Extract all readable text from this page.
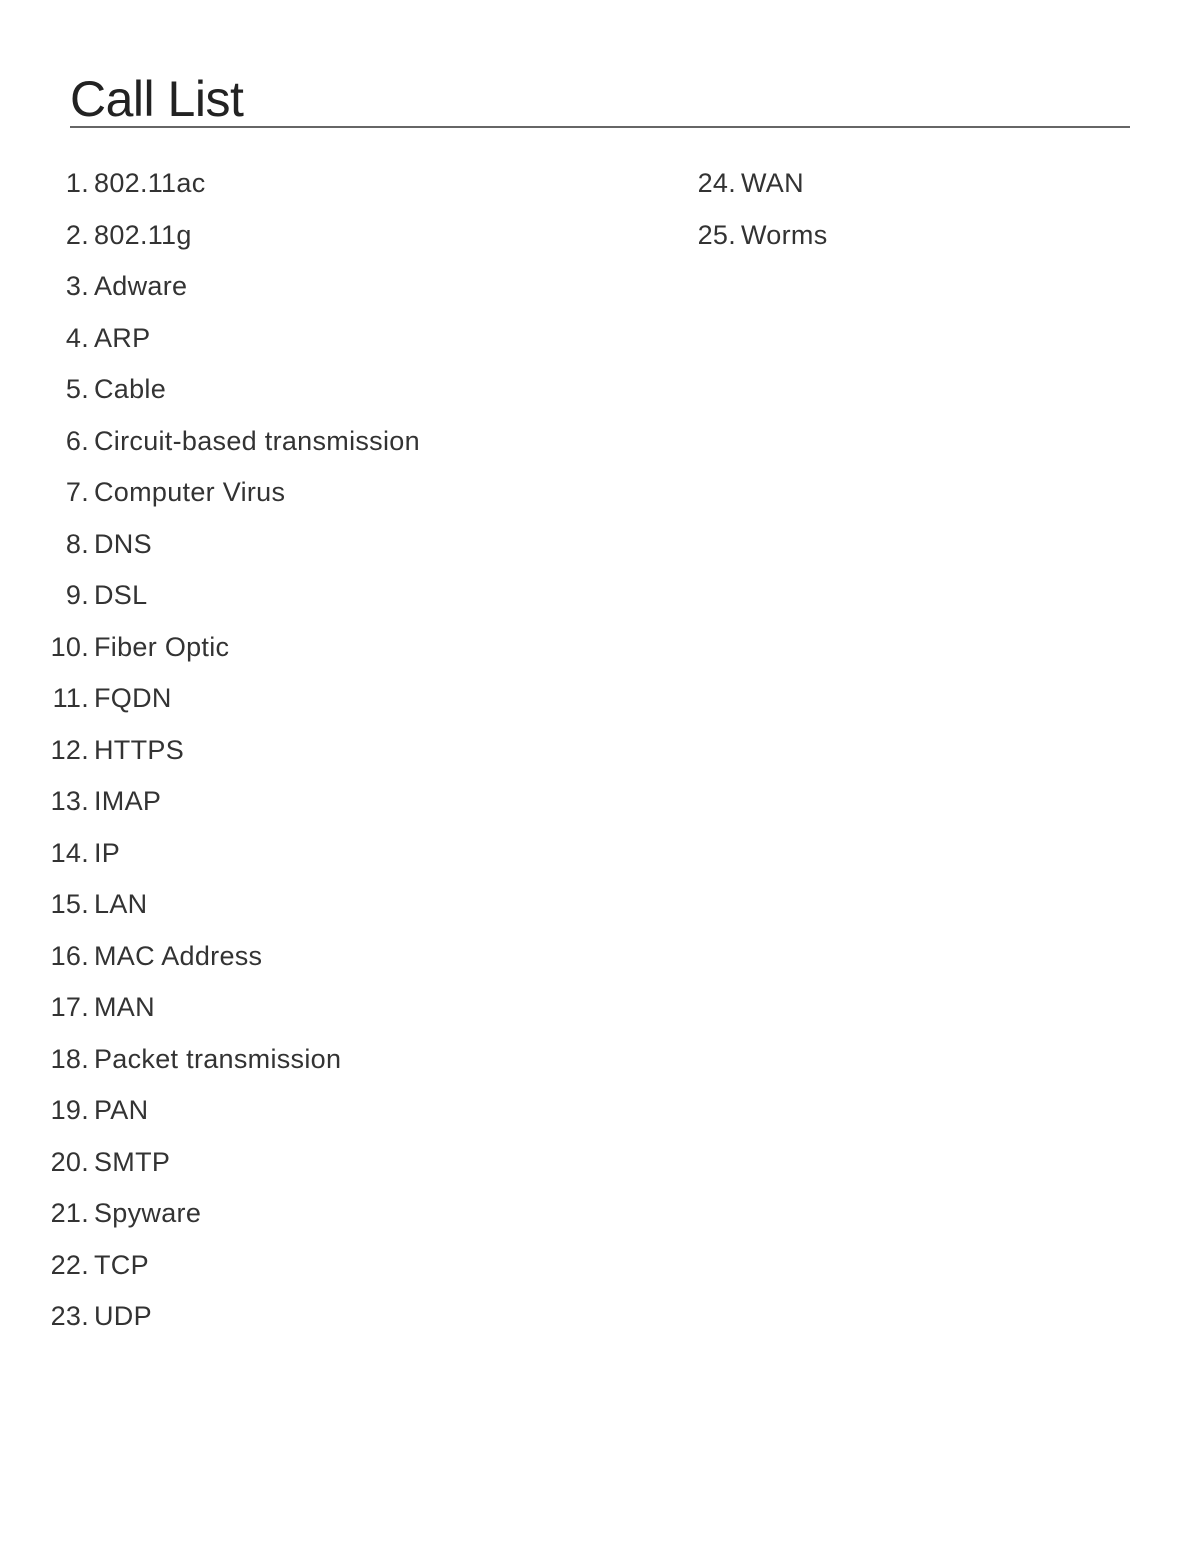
Call List
1. 802.11ac
2. 802.11g
3. Adware
4. ARP
5. Cable
6. Circuit-based transmission
7. Computer Virus
8. DNS
9. DSL
10. Fiber Optic
11. FQDN
12. HTTPS
13. IMAP
14. IP
15. LAN
16. MAC Address
17. MAN
18. Packet transmission
19. PAN
20. SMTP
21. Spyware
22. TCP
23. UDP
24. WAN
25. Worms
